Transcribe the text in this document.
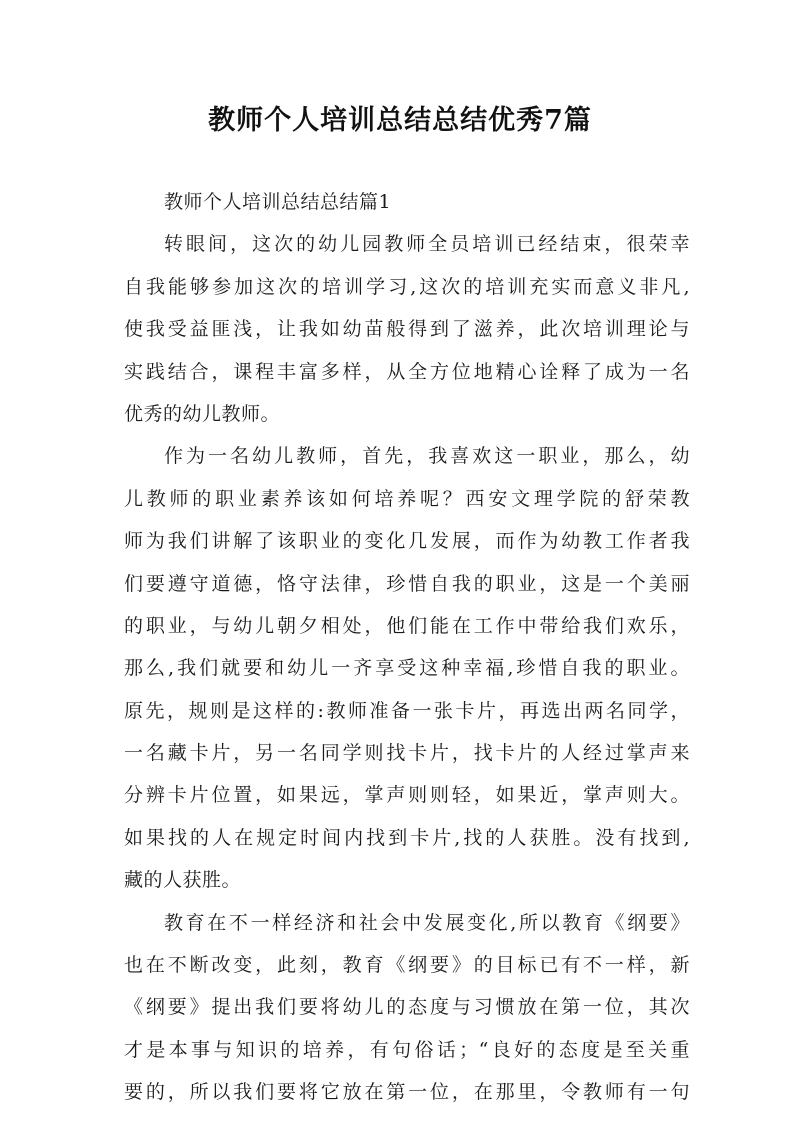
教师个人培训总结总结优秀7篇
教师个人培训总结总结篇1
转眼间，这次的幼儿园教师全员培训已经结束，很荣幸
自我能够参加这次的培训学习,这次的培训充实而意义非凡,
使我受益匪浅，让我如幼苗般得到了滋养，此次培训理论与
实践结合，课程丰富多样，从全方位地精心诠释了成为一名
优秀的幼儿教师。
作为一名幼儿教师，首先，我喜欢这一职业，那么，幼
儿教师的职业素养该如何培养呢？西安文理学院的舒荣教
师为我们讲解了该职业的变化几发展，而作为幼教工作者我
们要遵守道德，恪守法律，珍惜自我的职业，这是一个美丽
的职业，与幼儿朝夕相处，他们能在工作中带给我们欢乐，
那么,我们就要和幼儿一齐享受这种幸福,珍惜自我的职业。
原先，规则是这样的:教师准备一张卡片，再选出两名同学，
一名藏卡片，另一名同学则找卡片，找卡片的人经过掌声来
分辨卡片位置，如果远，掌声则则轻，如果近，掌声则大。
如果找的人在规定时间内找到卡片,找的人获胜。没有找到,
藏的人获胜。
教育在不一样经济和社会中发展变化,所以教育《纲要》
也在不断改变，此刻，教育《纲要》的目标已有不一样，新
《纲要》提出我们要将幼儿的态度与习惯放在第一位，其次
才是本事与知识的培养，有句俗话；“良好的态度是至关重
要的，所以我们要将它放在第一位，在那里，令教师有一句
